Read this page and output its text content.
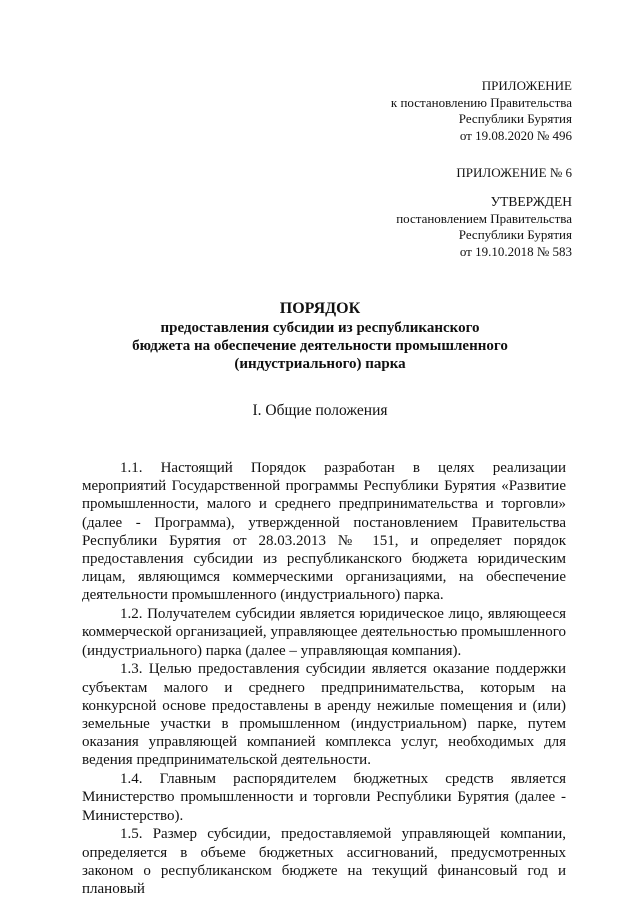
ПРИЛОЖЕНИЕ
к постановлению Правительства
Республики Бурятия
от 19.08.2020 № 496
ПРИЛОЖЕНИЕ № 6
УТВЕРЖДЕН
постановлением Правительства
Республики Бурятия
от 19.10.2018 № 583
ПОРЯДОК
предоставления субсидии из республиканского
бюджета на обеспечение деятельности промышленного
(индустриального) парка
I. Общие положения

1.1. Настоящий Порядок разработан в целях реализации мероприятий Государственной программы Республики Бурятия «Развитие промышленности, малого и среднего предпринимательства и торговли» (далее - Программа), утвержденной постановлением Правительства Республики Бурятия от 28.03.2013 № 151, и определяет порядок предоставления субсидии из республиканского бюджета юридическим лицам, являющимся коммерческими организациями, на обеспечение деятельности промышленного (индустриального) парка.

1.2. Получателем субсидии является юридическое лицо, являющееся коммерческой организацией, управляющее деятельностью промышленного (индустриального) парка (далее – управляющая компания).

1.3. Целью предоставления субсидии является оказание поддержки субъектам малого и среднего предпринимательства, которым на конкурсной основе предоставлены в аренду нежилые помещения и (или) земельные участки в промышленном (индустриальном) парке, путем оказания управляющей компанией комплекса услуг, необходимых для ведения предпринимательской деятельности.

1.4. Главным распорядителем бюджетных средств является Министерство промышленности и торговли Республики Бурятия (далее - Министерство).

1.5. Размер субсидии, предоставляемой управляющей компании, определяется в объеме бюджетных ассигнований, предусмотренных законом о республиканском бюджете на текущий финансовый год и плановый
